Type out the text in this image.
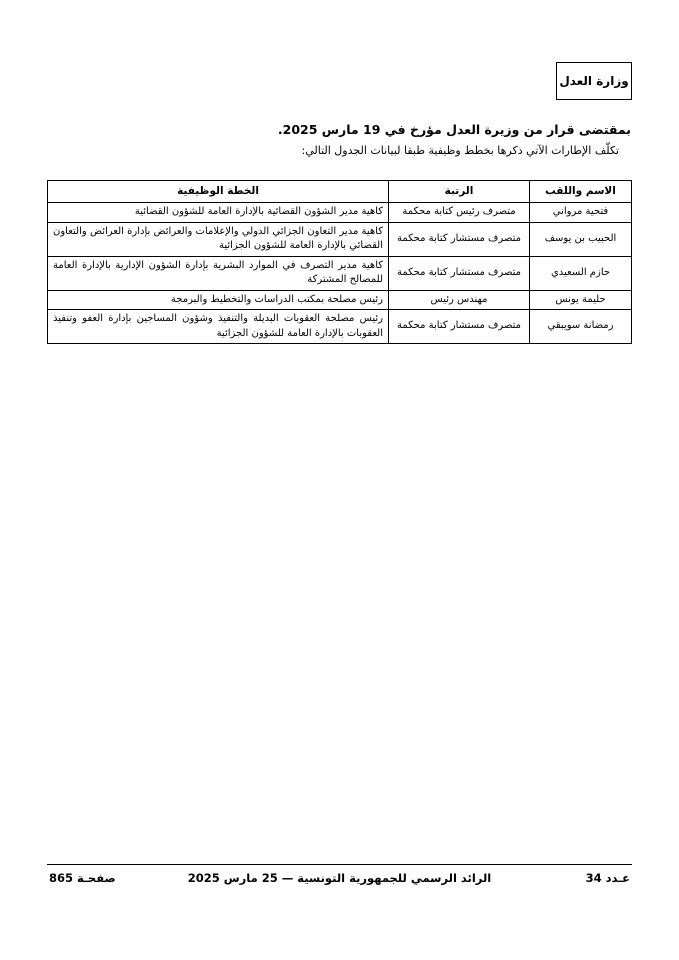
وزارة العدل
بمقتضى قرار من وزيرة العدل مؤرخ في 19 مارس 2025.
تكلّف الإطارات الآتي ذكرها بخطط وظيفية طبقا لبيانات الجدول التالي:
الاسم واللقب	الرتبة	الخطة الوظيفية
فتحية مرواني	متصرف رئيس كتابة محكمة	كاهية مدير الشؤون القضائية بالإدارة العامة للشؤون القضائية
الحبيب بن يوسف	متصرف مستشار كتابة محكمة	كاهية مدير التعاون الجزائي الدولي والإعلامات والعرائض بإدارة العرائض والتعاون القضائي بالإدارة العامة للشؤون الجزائية
حازم السعيدي	متصرف مستشار كتابة محكمة	كاهية مدير التصرف في الموارد البشرية بإدارة الشؤون الإدارية بالإدارة العامة للمصالح المشتركة
حليمة يونس	مهندس رئيس	رئيس مصلحة بمكتب الدراسات والتخطيط والبرمجة
رمضانة سويبقي	متصرف مستشار كتابة محكمة	رئيس مصلحة العقوبات البديلة والتنفيذ وشؤون المساجين بإدارة العفو وتنفيذ العقوبات بالإدارة العامة للشؤون الجزائية
صفحـة 865	الرائد الرسمي للجمهورية التونسية — 25 مارس 2025	عـدد 34
